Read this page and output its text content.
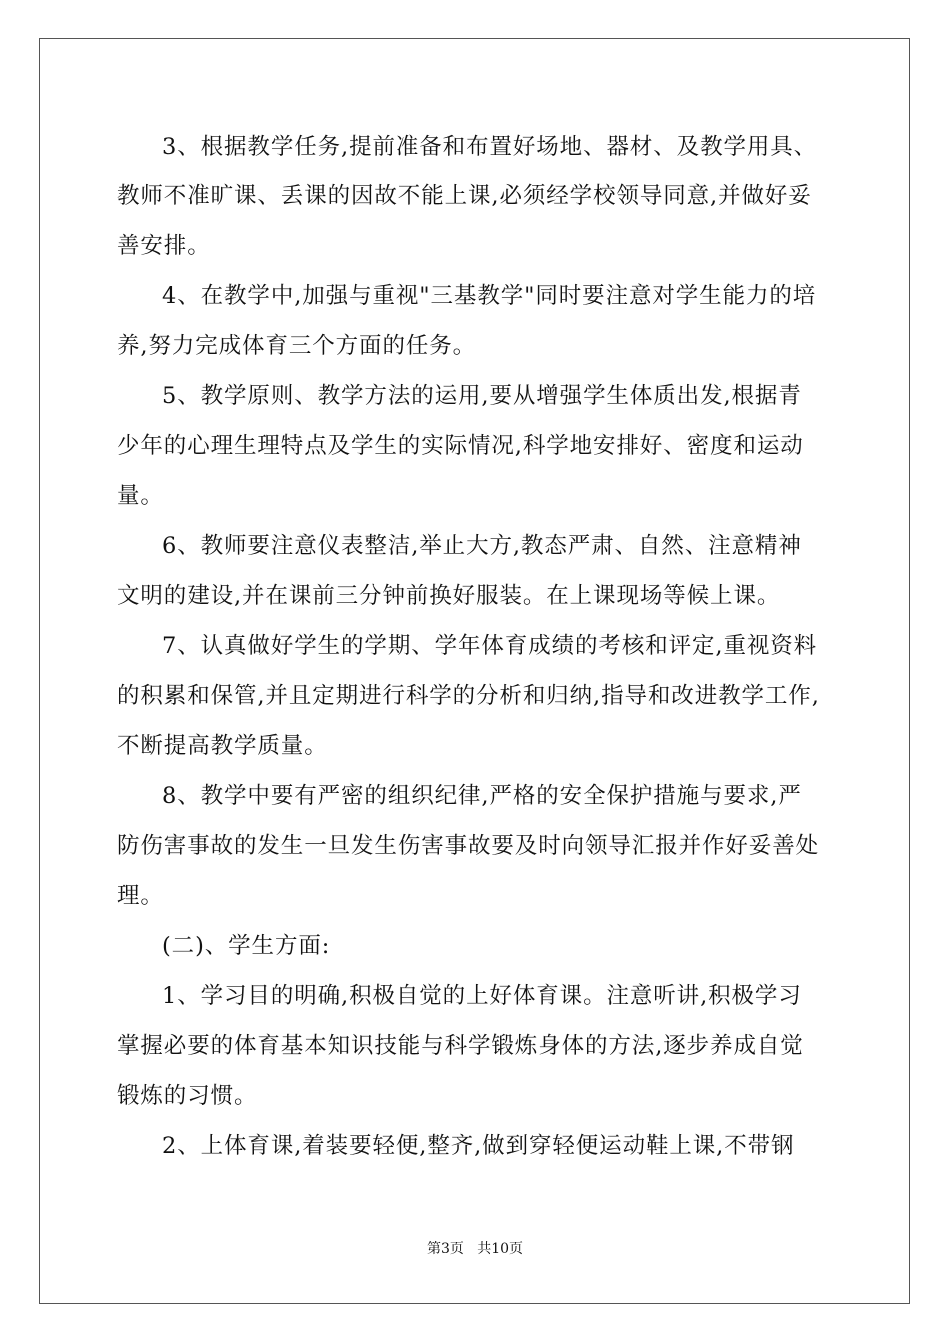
3、根据教学任务,提前准备和布置好场地、器材、及教学用具、
教师不准旷课、丢课的因故不能上课,必须经学校领导同意,并做好妥
善安排。
4、在教学中,加强与重视"三基教学"同时要注意对学生能力的培
养,努力完成体育三个方面的任务。
5、教学原则、教学方法的运用,要从增强学生体质出发,根据青
少年的心理生理特点及学生的实际情况,科学地安排好、密度和运动
量。
6、教师要注意仪表整洁,举止大方,教态严肃、自然、注意精神
文明的建设,并在课前三分钟前换好服装。在上课现场等候上课。
7、认真做好学生的学期、学年体育成绩的考核和评定,重视资料
的积累和保管,并且定期进行科学的分析和归纳,指导和改进教学工作,
不断提高教学质量。
8、教学中要有严密的组织纪律,严格的安全保护措施与要求,严
防伤害事故的发生一旦发生伤害事故要及时向领导汇报并作好妥善处
理。
(二)、学生方面:
1、学习目的明确,积极自觉的上好体育课。注意听讲,积极学习
掌握必要的体育基本知识技能与科学锻炼身体的方法,逐步养成自觉
锻炼的习惯。
2、上体育课,着装要轻便,整齐,做到穿轻便运动鞋上课,不带钢
第3页   共10页
